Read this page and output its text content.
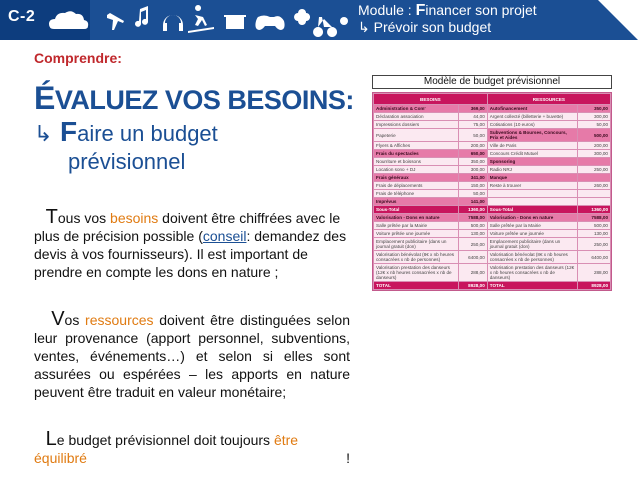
C-2	Module : Financer son projet
↳ Prévoir son budget
Comprendre:
ÉVALUEZ VOS BESOINS:
↳ Faire un budget
prévisionnel

Tous vos besoins doivent être chiffrées avec le plus de précision possible (conseil: demandez des devis à vos fournisseurs). Il est important de prendre en compte les dons en nature ;

Vos ressources doivent être distinguées selon leur provenance (apport personnel, subventions, ventes, événements…) et selon si elles sont assurées ou espérées – les apports en nature peuvent être traduit en valeur monétaire;

Le budget prévisionnel doit toujours être
équilibré	!
Modèle de budget prévisionnel
BESOINS		RESSOURCES	
Administration & Com'	369,00	Autofinancement	350,00
Déclaration association	44,00	Argent collecté (billetterie + buvette)	300,00
Impressions dossiers	75,00	Cotisations (10 euros)	50,00
Papeterie	50,00	Subventions & Bourses, Concours, Prix et Aides	500,00
Flyers & Affiches	200,00	Ville de Paris	200,00
Frais du spectacles	650,00	Concours Crédit Mutuel	300,00
Nourriture et boissons	350,00	Sponsoring	
Location sono + DJ	300,00	Radio NRJ	250,00
Frais généraux	341,00	Manque	
Frais de déplacements	150,00	Reste à trouver	260,00
Frais de téléphone	50,00		
Imprévus	141,00		
Sous-Total	1360,00	Sous-Total	1360,00
Valorisation - Dons en nature	7588,00	Valorisation - Dons en nature	7588,00
Salle prêtée par la Mairie	500,00	Salle prêtée par la Mairie	500,00
Voiture prêtée une journée	130,00	Voiture prêtée une journée	130,00
Emplacement publicitaire (dans un journal gratuit (don)	250,00	Emplacement publicitaire (dans un journal gratuit (don)	250,00
Valorisation bénévolat (8€ x nb heures consacrées x nb de personnes)	6400,00	Valorisation bénévolat (8€ x nb heures consacrées x nb de personnes)	6400,00
Valorisation prestation des danseurs (12€ x nb heures consacrées x nb de danseurs)	288,00	Valorisation prestation des danseurs (12€ x nb heures consacrées x nb de danseurs)	288,00
TOTAL	8928,00	TOTAL	8928,00
